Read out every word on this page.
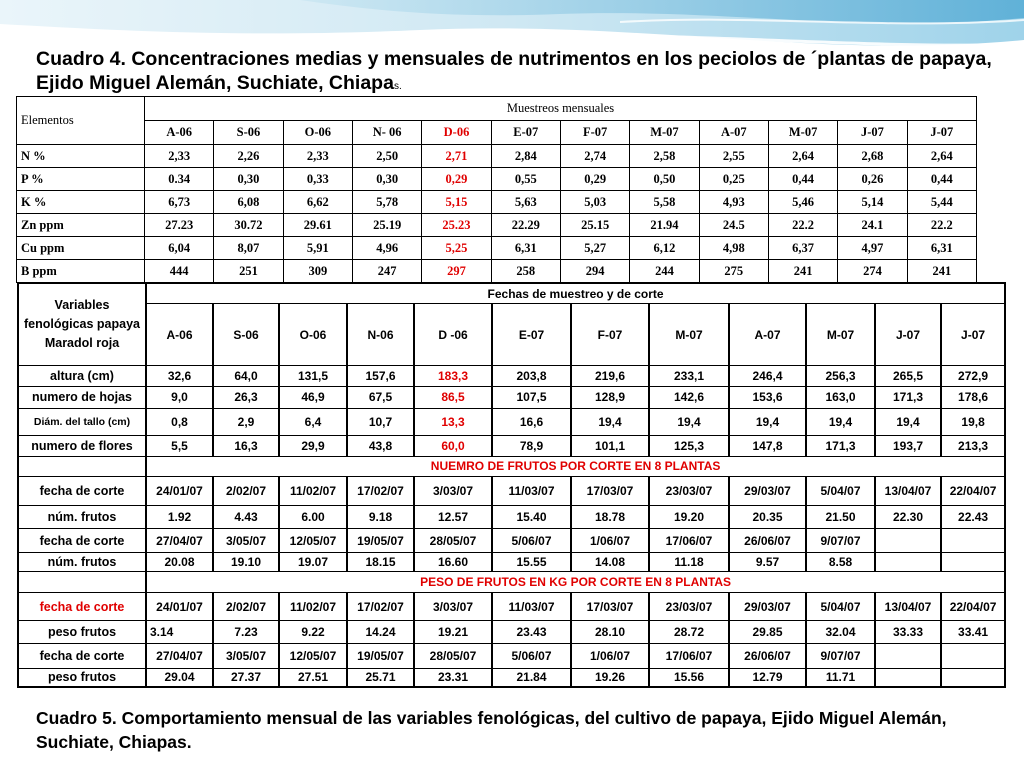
Cuadro 4. Concentraciones medias y mensuales de nutrimentos en los peciolos de ´plantas de papaya, Ejido Miguel Alemán, Suchiate, Chiapas.
Elementos	Muestreos mensuales											
	A-06	S-06	O-06	N- 06	D-06	E-07	F-07	M-07	A-07	M-07	J-07	J-07
N %	2,33	2,26	2,33	2,50	2,71	2,84	2,74	2,58	2,55	2,64	2,68	2,64
P %	0.34	0,30	0,33	0,30	0,29	0,55	0,29	0,50	0,25	0,44	0,26	0,44
K %	6,73	6,08	6,62	5,78	5,15	5,63	5,03	5,58	4,93	5,46	5,14	5,44
Zn ppm	27.23	30.72	29.61	25.19	25.23	22.29	25.15	21.94	24.5	22.2	24.1	22.2
Cu ppm	6,04	8,07	5,91	4,96	5,25	6,31	5,27	6,12	4,98	6,37	4,97	6,31
B ppm	444	251	309	247	297	258	294	244	275	241	274	241
Variables fenológicas papaya Maradol roja	Fechas de muestreo y de corte											
	A-06	S-06	O-06	N-06	D -06	E-07	F-07	M-07	A-07	M-07	J-07	J-07
altura (cm)	32,6	64,0	131,5	157,6	183,3	203,8	219,6	233,1	246,4	256,3	265,5	272,9
numero de hojas	9,0	26,3	46,9	67,5	86,5	107,5	128,9	142,6	153,6	163,0	171,3	178,6
Diám. del tallo (cm)	0,8	2,9	6,4	10,7	13,3	16,6	19,4	19,4	19,4	19,4	19,4	19,8
numero de flores	5,5	16,3	29,9	43,8	60,0	78,9	101,1	125,3	147,8	171,3	193,7	213,3
	NUEMRO DE FRUTOS POR CORTE EN 8 PLANTAS											
fecha de corte	24/01/07	2/02/07	11/02/07	17/02/07	3/03/07	11/03/07	17/03/07	23/03/07	29/03/07	5/04/07	13/04/07	22/04/07
núm. frutos	1.92	4.43	6.00	9.18	12.57	15.40	18.78	19.20	20.35	21.50	22.30	22.43
fecha de corte	27/04/07	3/05/07	12/05/07	19/05/07	28/05/07	5/06/07	1/06/07	17/06/07	26/06/07	9/07/07		
núm. frutos	20.08	19.10	19.07	18.15	16.60	15.55	14.08	11.18	9.57	8.58		
	PESO DE FRUTOS EN KG POR CORTE EN 8 PLANTAS											
fecha de corte	24/01/07	2/02/07	11/02/07	17/02/07	3/03/07	11/03/07	17/03/07	23/03/07	29/03/07	5/04/07	13/04/07	22/04/07
peso frutos	3.14	7.23	9.22	14.24	19.21	23.43	28.10	28.72	29.85	32.04	33.33	33.41
fecha de corte	27/04/07	3/05/07	12/05/07	19/05/07	28/05/07	5/06/07	1/06/07	17/06/07	26/06/07	9/07/07		
peso frutos	29.04	27.37	27.51	25.71	23.31	21.84	19.26	15.56	12.79	11.71		

Cuadro 5. Comportamiento mensual de las variables fenológicas, del cultivo de papaya, Ejido Miguel Alemán, Suchiate, Chiapas.
